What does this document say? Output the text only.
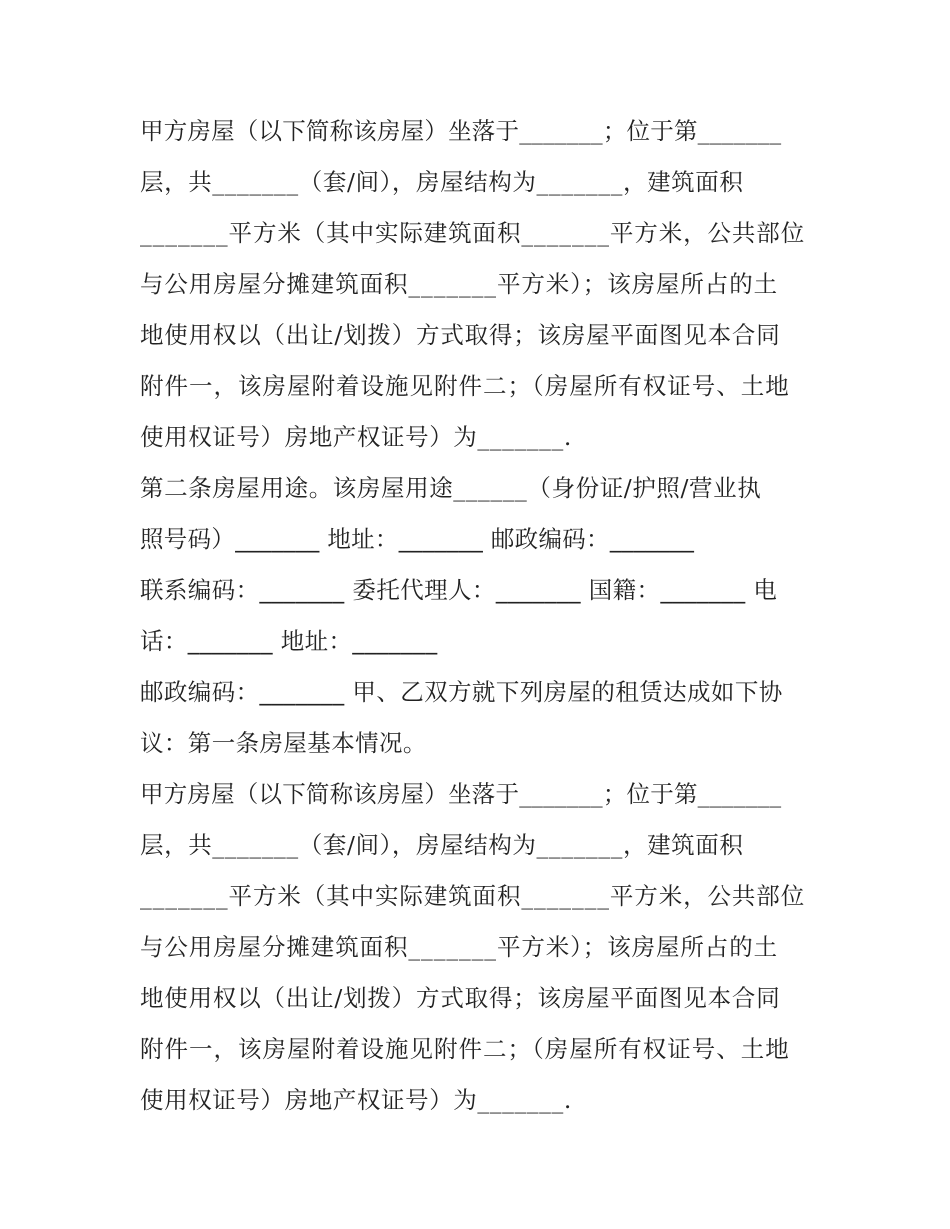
甲方房屋（以下简称该房屋）坐落于_______；位于第_______
层，共_______（套/间），房屋结构为_______，建筑面积
_______平方米（其中实际建筑面积_______平方米，公共部位
与公用房屋分摊建筑面积_______平方米）；该房屋所占的土
地使用权以（出让/划拨）方式取得；该房屋平面图见本合同
附件一，该房屋附着设施见附件二；（房屋所有权证号、土地
使用权证号）房地产权证号）为_______.
第二条房屋用途。该房屋用途______（身份证/护照/营业执
照号码）_______ 地址：_______ 邮政编码：_______
联系编码：_______ 委托代理人：_______ 国籍：_______ 电
话：_______ 地址：_______
邮政编码：_______ 甲、乙双方就下列房屋的租赁达成如下协
议：第一条房屋基本情况。
甲方房屋（以下简称该房屋）坐落于_______；位于第_______
层，共_______（套/间），房屋结构为_______，建筑面积
_______平方米（其中实际建筑面积_______平方米，公共部位
与公用房屋分摊建筑面积_______平方米）；该房屋所占的土
地使用权以（出让/划拨）方式取得；该房屋平面图见本合同
附件一，该房屋附着设施见附件二；（房屋所有权证号、土地
使用权证号）房地产权证号）为_______.
